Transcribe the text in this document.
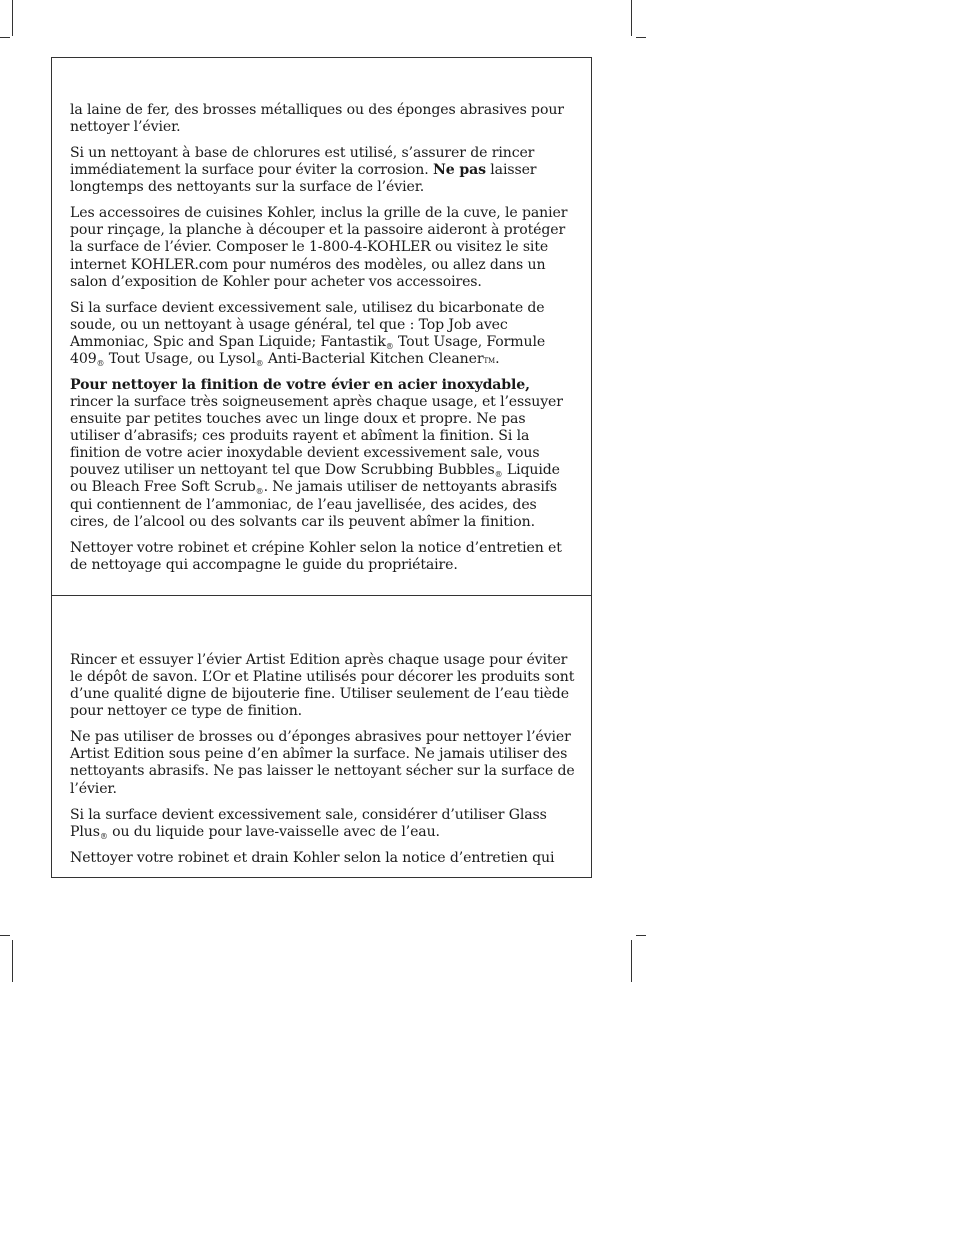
la laine de fer, des brosses métalliques ou des éponges abrasives pour nettoyer l’évier.

Si un nettoyant à base de chlorures est utilisé, s’assurer de rincer immédiatement la surface pour éviter la corrosion. Ne pas laisser longtemps des nettoyants sur la surface de l’évier.

Les accessoires de cuisines Kohler, inclus la grille de la cuve, le panier pour rinçage, la planche à découper et la passoire aideront à protéger la surface de l’évier. Composer le 1-800-4-KOHLER ou visitez le site internet KOHLER.com pour numéros des modèles, ou allez dans un salon d’exposition de Kohler pour acheter vos accessoires.

Si la surface devient excessivement sale, utilisez du bicarbonate de soude, ou un nettoyant à usage général, tel que : Top Job avec Ammoniac, Spic and Span Liquide; Fantastik$_®$ Tout Usage, Formule $409_®$ Tout Usage, ou Lysol$_®$ Anti-Bacterial Kitchen CleanerTM.

Pour nettoyer la finition de votre évier en acier inoxydable, rincer la surface très soigneusement après chaque usage, et l’essuyer ensuite par petites touches avec un linge doux et propre. Ne pas utiliser d’abrasifs; ces produits rayent et abîment la finition. Si la finition de votre acier inoxydable devient excessivement sale, vous pouvez utiliser un nettoyant tel que Dow Scrubbing Bubbles$_®$ Liquide ou Bleach Free Soft Scrub$_®$. Ne jamais utiliser de nettoyants abrasifs qui contiennent de l’ammoniac, de l’eau javellisée, des acides, des cires, de l’alcool ou des solvants car ils peuvent abîmer la finition.

Nettoyer votre robinet et crépine Kohler selon la notice d’entretien et de nettoyage qui accompagne le guide du propriétaire.

Rincer et essuyer l’évier Artist Edition après chaque usage pour éviter le dépôt de savon. L’Or et Platine utilisés pour décorer les produits sont d’une qualité digne de bijouterie fine. Utiliser seulement de l’eau tiède pour nettoyer ce type de finition.

Ne pas utiliser de brosses ou d’éponges abrasives pour nettoyer l’évier Artist Edition sous peine d’en abîmer la surface. Ne jamais utiliser des nettoyants abrasifs. Ne pas laisser le nettoyant sécher sur la surface de l’évier.

Si la surface devient excessivement sale, considérer d’utiliser Glass Plus$_®$ ou du liquide pour lave-vaisselle avec de l’eau.

Nettoyer votre robinet et drain Kohler selon la notice d’entretien qui
